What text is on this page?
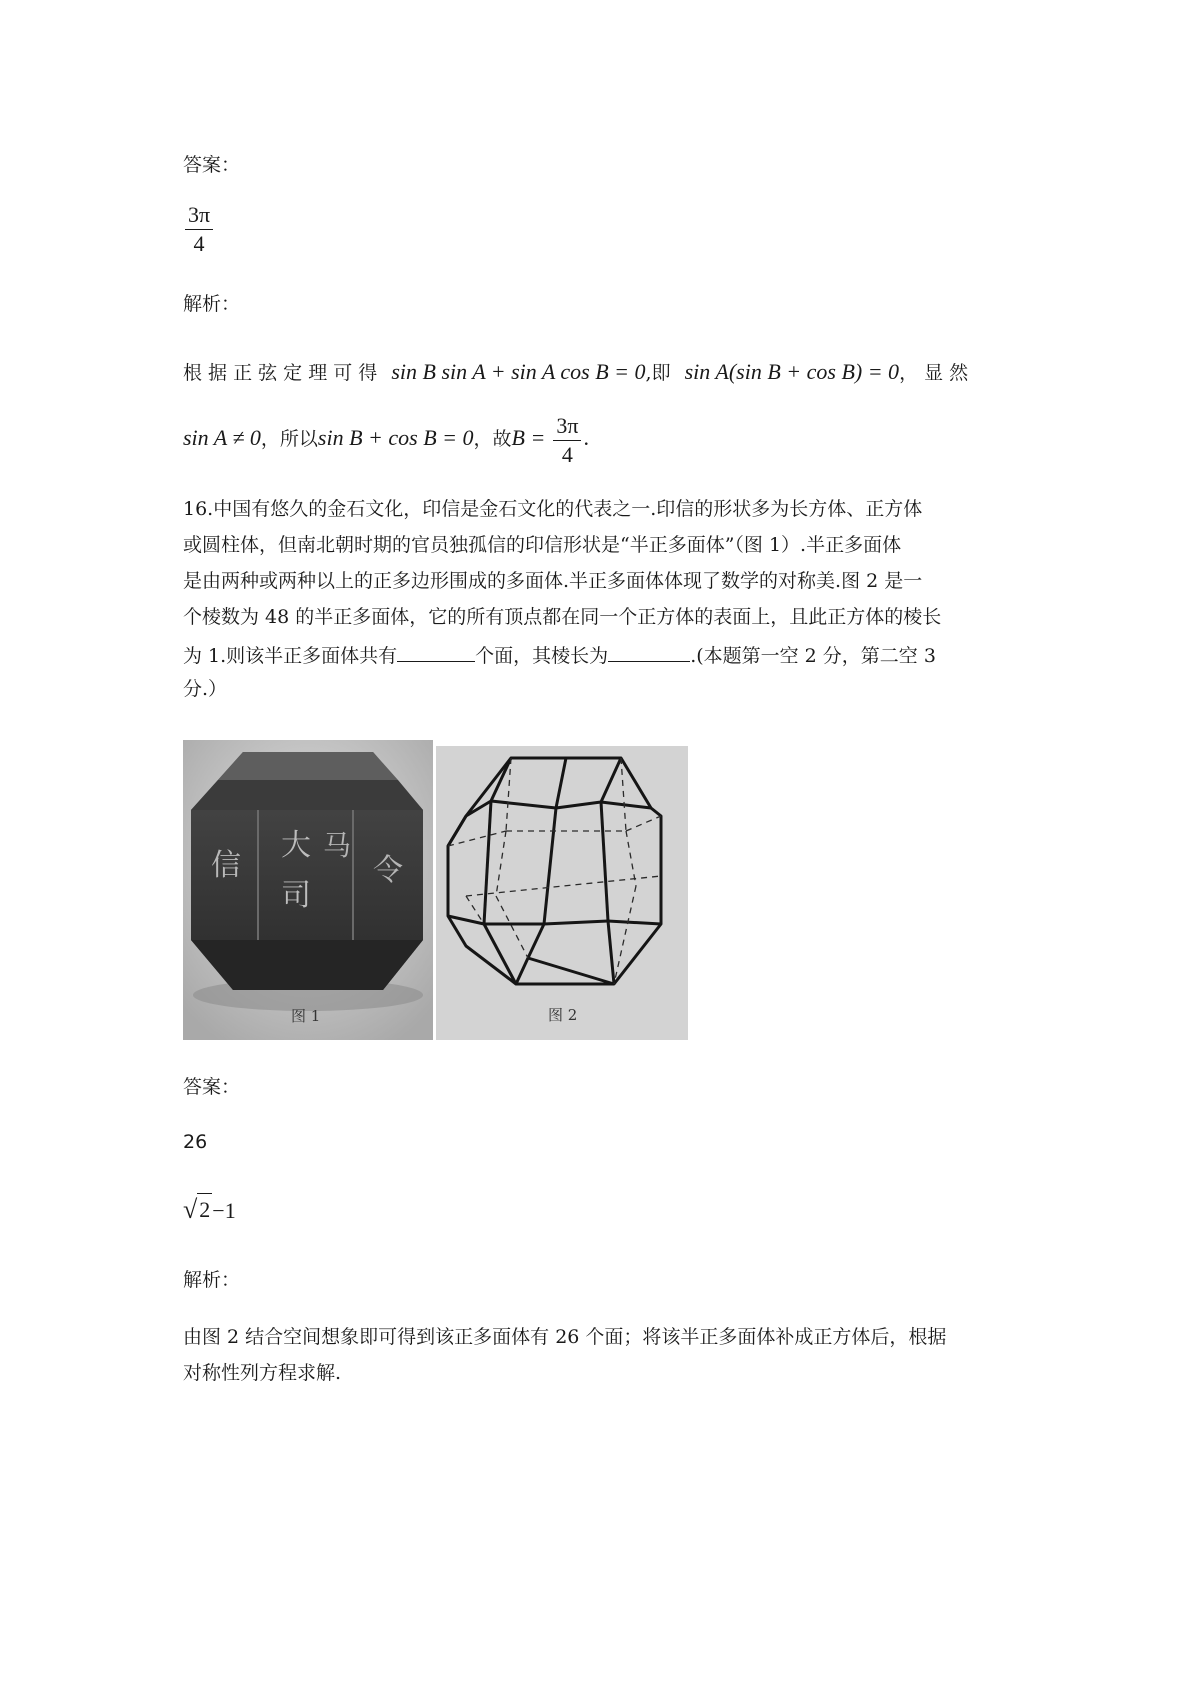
答案：
$\frac{3\pi}{4}$
解析：
根 据 正 弦 定 理 可 得 sin B sin A + sin A cos B = 0,即 sin A(sin B + cos B) = 0， 显 然
sin A ≠ 0，所以sin B + cos B = 0，故$B = \frac{3\pi}{4}$ .
16.中国有悠久的金石文化，印信是金石文化的代表之一.印信的形状多为长方体、正方体
或圆柱体，但南北朝时期的官员独孤信的印信形状是“半正多面体”（图 1）.半正多面体
是由两种或两种以上的正多边形围成的多面体.半正多面体体现了数学的对称美.图 2 是一
个棱数为 48 的半正多面体，它的所有顶点都在同一个正方体的表面上，且此正方体的棱长
为 1.则该半正多面体共有	个面，其棱长为	.(本题第一空 2 分，第二空 3
分.）
信
大
司
马
令
图 1	图 2
答案：
26
√ 2 −1
解析：
由图 2 结合空间想象即可得到该正多面体有 26 个面；将该半正多面体补成正方体后，根据
对称性列方程求解.
